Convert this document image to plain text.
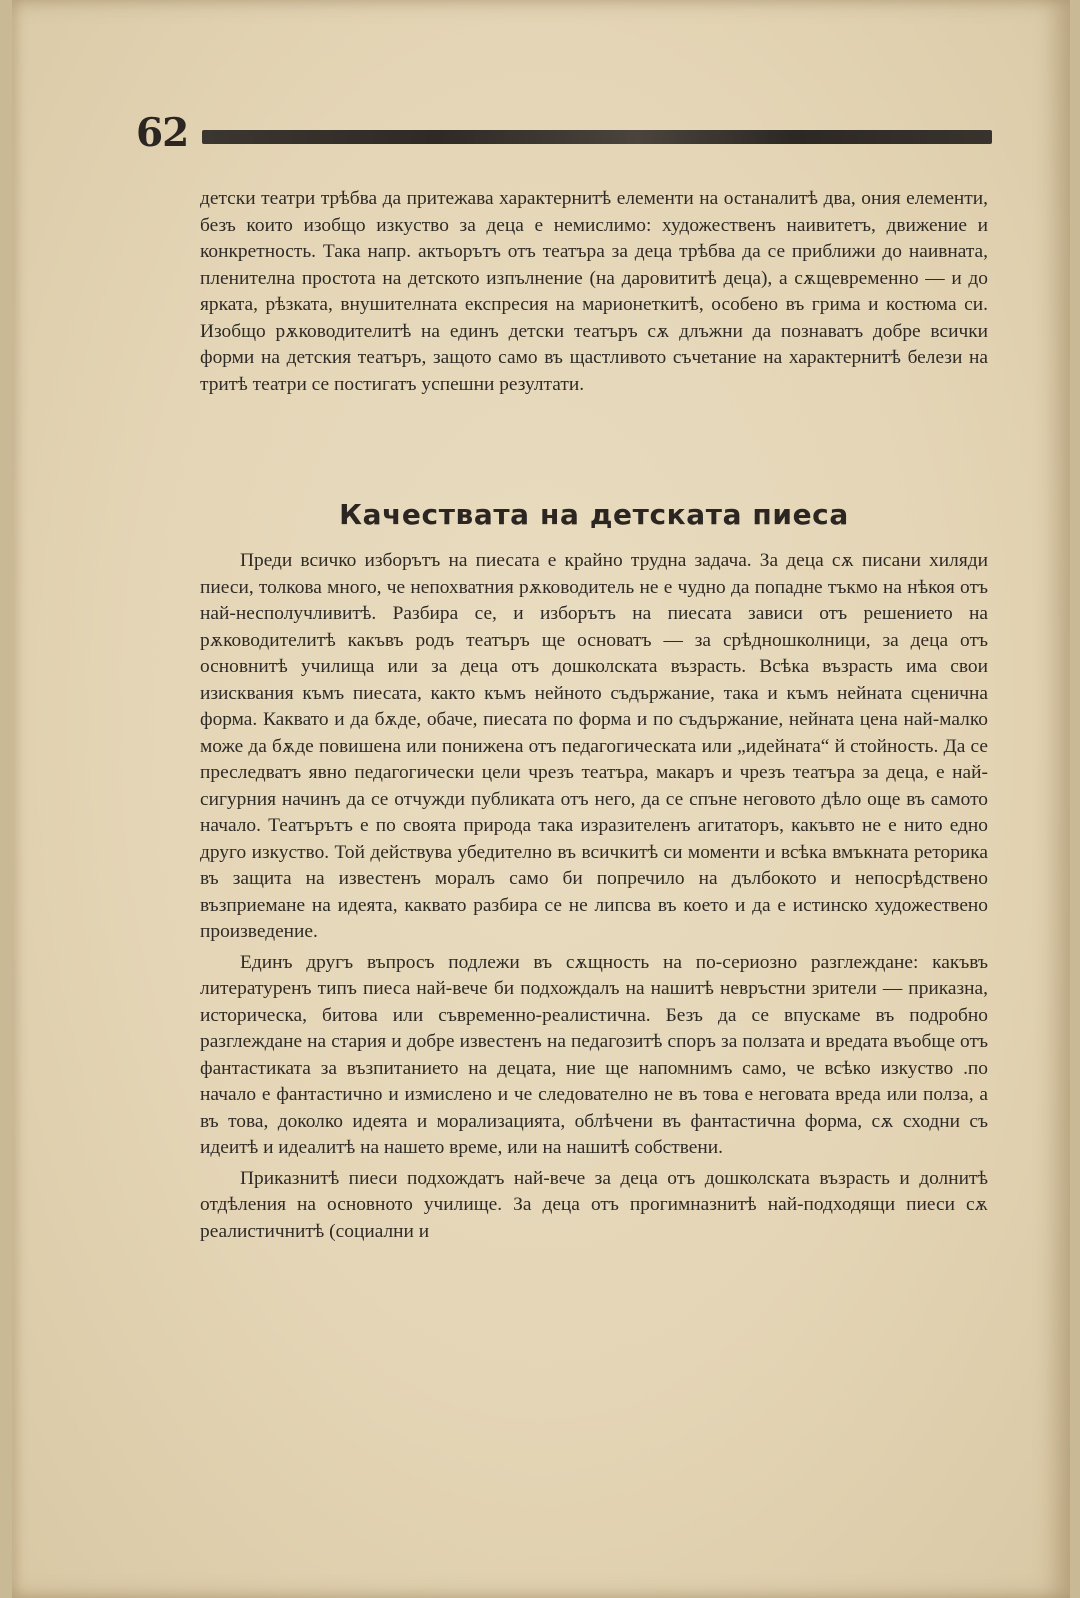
62
детски театри трѣбва да притежава характернитѣ елементи на останалитѣ два, ония елементи, безъ които изобщо изкуство за деца е немислимо: художественъ наивитетъ, движение и конкретность. Така напр. актьорътъ отъ театъра за деца трѣбва да се приближи до наивната, пленителна простота на детското изпълнение (на даровититѣ деца), а сѫщевременно — и до ярката, рѣзката, внушителната експресия на марионеткитѣ, особено въ грима и костюма си. Изобщо рѫководителитѣ на единъ детски театъръ сѫ длъжни да познаватъ добре всички форми на детския театъръ, защото само въ щастливото съчетание на характернитѣ белези на тритѣ театри се постигатъ успешни резултати.
Качествата на детската пиеса

Преди всичко изборътъ на пиесата е крайно трудна задача. За деца сѫ писани хиляди пиеси, толкова много, че непохватния рѫководитель не е чудно да попадне тъкмо на нѣкоя отъ най-несполучливитѣ. Разбира се, и изборътъ на пиесата зависи отъ решението на рѫководителитѣ какъвъ родъ театъръ ще основатъ — за срѣдношколници, за деца отъ основнитѣ училища или за деца отъ дошколската възрасть. Всѣка възрасть има свои изисквания къмъ пиесата, както къмъ нейното съдържание, така и къмъ нейната сценична форма. Каквато и да бѫде, обаче, пиесата по форма и по съдържание, нейната цена най-малко може да бѫде повишена или понижена отъ педагогическата или „идейната“ й стойность. Да се преследватъ явно педагогически цели чрезъ театъра, макаръ и чрезъ театъра за деца, е най-сигурния начинъ да се отчужди публиката отъ него, да се спъне неговото дѣло още въ самото начало. Театърътъ е по своята природа така изразителенъ агитаторъ, какъвто не е нито едно друго изкуство. Той действува убедително въ всичкитѣ си моменти и всѣка вмъкната реторика въ защита на известенъ моралъ само би попречило на дълбокото и непосрѣдствено възприемане на идеята, каквато разбира се не липсва въ което и да е истинско художествено произведение.

Единъ другъ въпросъ подлежи въ сѫщность на по-сериозно разглеждане: какъвъ литературенъ типъ пиеса най-вече би подхождалъ на нашитѣ невръстни зрители — приказна, историческа, битова или съвременно-реалистична. Безъ да се впускаме въ подробно разглеждане на стария и добре известенъ на педагозитѣ споръ за ползата и вредата въобще отъ фантастиката за възпитанието на децата, ние ще напомнимъ само, че всѣко изкуство .по начало е фантастично и измислено и че следователно не въ това е неговата вреда или полза, а въ това, доколко идеята и морализацията, облѣчени въ фантастична форма, сѫ сходни съ идеитѣ и идеалитѣ на нашето време, или на нашитѣ собствени.

Приказнитѣ пиеси подхождатъ най-вече за деца отъ дошколската възрасть и долнитѣ отдѣления на основното училище. За деца отъ прогимназнитѣ най-подходящи пиеси сѫ реалистичнитѣ (социални и
